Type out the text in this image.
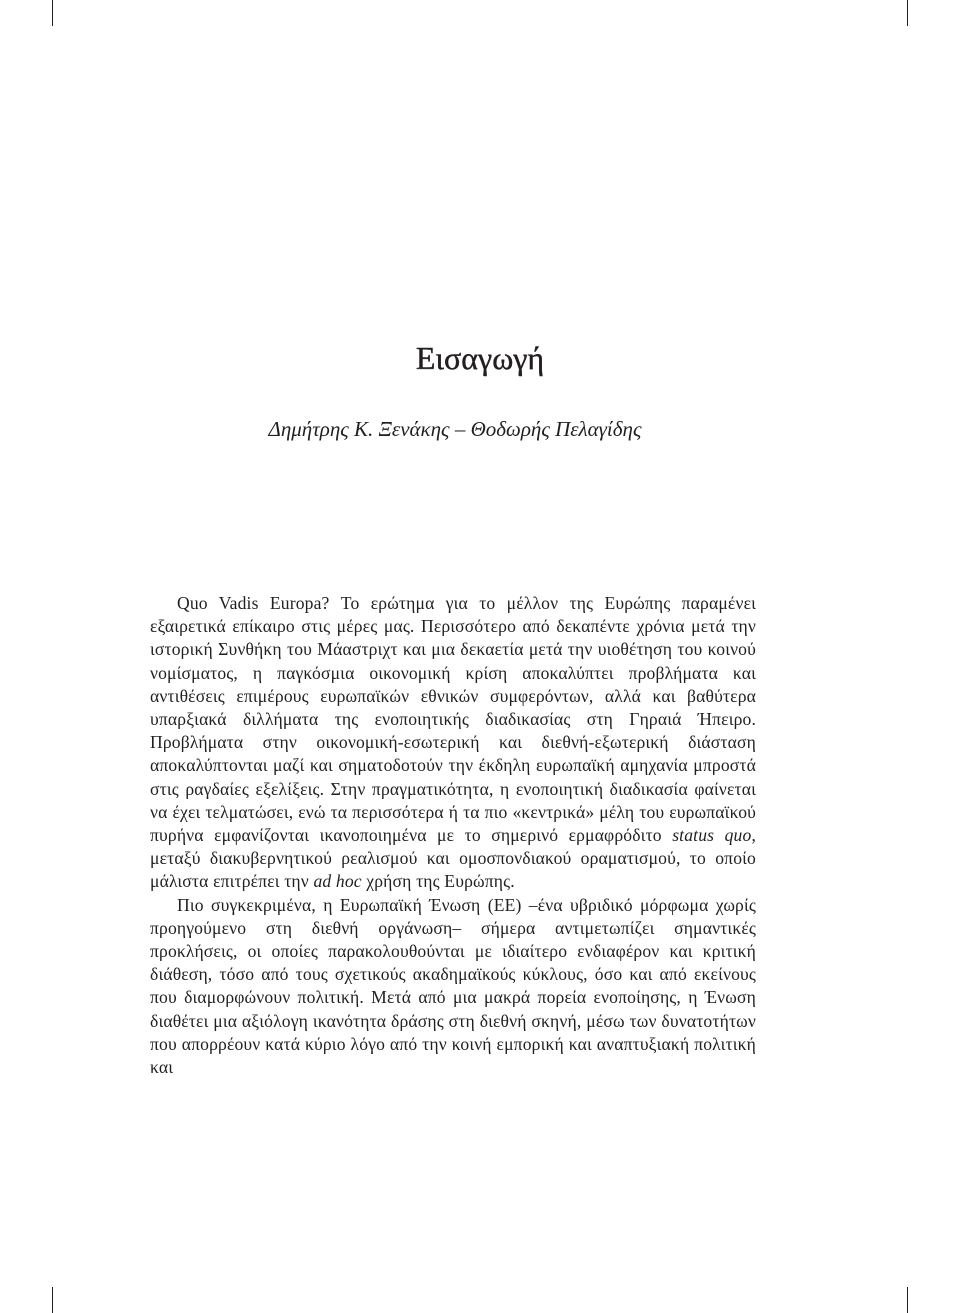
Εισαγωγή
Δημήτρης Κ. Ξενάκης – Θοδωρής Πελαγίδης

Quo Vadis Europa? Το ερώτημα για το μέλλον της Ευρώπης παραμένει εξαιρετικά επίκαιρο στις μέρες μας. Περισσότερο από δεκαπέντε χρόνια μετά την ιστορική Συνθήκη του Μάαστριχτ και μια δεκαετία μετά την υιοθέτηση του κοινού νομίσματος, η παγκόσμια οικονομική κρίση αποκαλύπτει προβλήματα και αντιθέσεις επιμέρους ευρωπαϊκών εθνικών συμφερόντων, αλλά και βαθύτερα υπαρξιακά διλλήματα της ενοποιητικής διαδικασίας στη Γηραιά Ήπειρο. Προβλήματα στην οικονομική-εσωτερική και διεθνή-εξωτερική διάσταση αποκαλύπτονται μαζί και σηματοδοτούν την έκδηλη ευρωπαϊκή αμηχανία μπροστά στις ραγδαίες εξελίξεις. Στην πραγματικότητα, η ενοποιητική διαδικασία φαίνεται να έχει τελματώσει, ενώ τα περισσότερα ή τα πιο «κεντρικά» μέλη του ευρωπαϊκού πυρήνα εμφανίζονται ικανοποιημένα με το σημερινό ερμαφρόδιτο status quo, μεταξύ διακυβερνητικού ρεαλισμού και ομοσπονδιακού οραματισμού, το οποίο μάλιστα επιτρέπει την ad hoc χρήση της Ευρώπης.

Πιο συγκεκριμένα, η Ευρωπαϊκή Ένωση (ΕΕ) –ένα υβριδικό μόρφωμα χωρίς προηγούμενο στη διεθνή οργάνωση– σήμερα αντιμετωπίζει σημαντικές προκλήσεις, οι οποίες παρακολουθούνται με ιδιαίτερο ενδιαφέρον και κριτική διάθεση, τόσο από τους σχετικούς ακαδημαϊκούς κύκλους, όσο και από εκείνους που διαμορφώνουν πολιτική. Μετά από μια μακρά πορεία ενοποίησης, η Ένωση διαθέτει μια αξιόλογη ικανότητα δράσης στη διεθνή σκηνή, μέσω των δυνατοτήτων που απορρέουν κατά κύριο λόγο από την κοινή εμπορική και αναπτυξιακή πολιτική και
